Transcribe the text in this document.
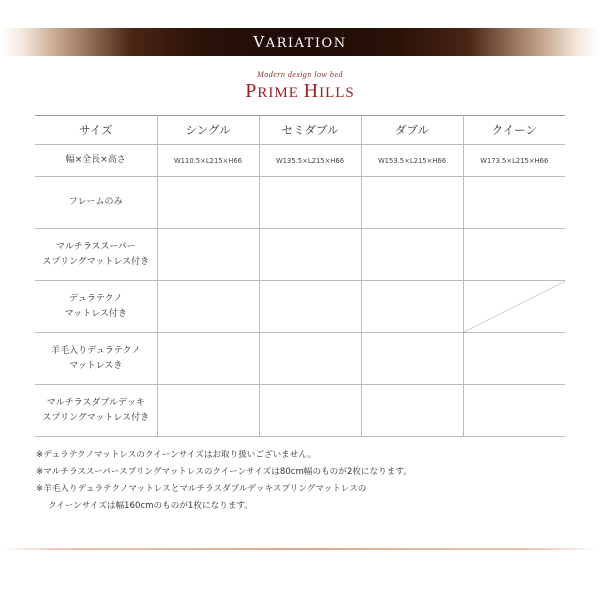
VARIATION
Modern design low bed
PRIME HILLS
サイズ	シングル	セミダブル	ダブル	クイーン
幅×全長×高さ	W110.5×L215×H66	W135.5×L215×H66	W153.5×L215×H66	W173.5×L215×H66

フレームのみ				

マルチラススーパー
スプリングマットレス付き				

デュラテクノ
マットレス付き

羊毛入りデュラテクノ
マットレスき				

マルチラスダブルデッキ
スプリングマットレス付き				

※デュラテクノマットレスのクイーンサイズはお取り扱いございません。
※マルチラススーパースプリングマットレスのクイーンサイズは80cm幅のものが2枚になります。
※羊毛入りデュラテクノマットレスとマルチラスダブルデッキスプリングマットレスの
クイーンサイズは幅160cmのものが1枚になります。
